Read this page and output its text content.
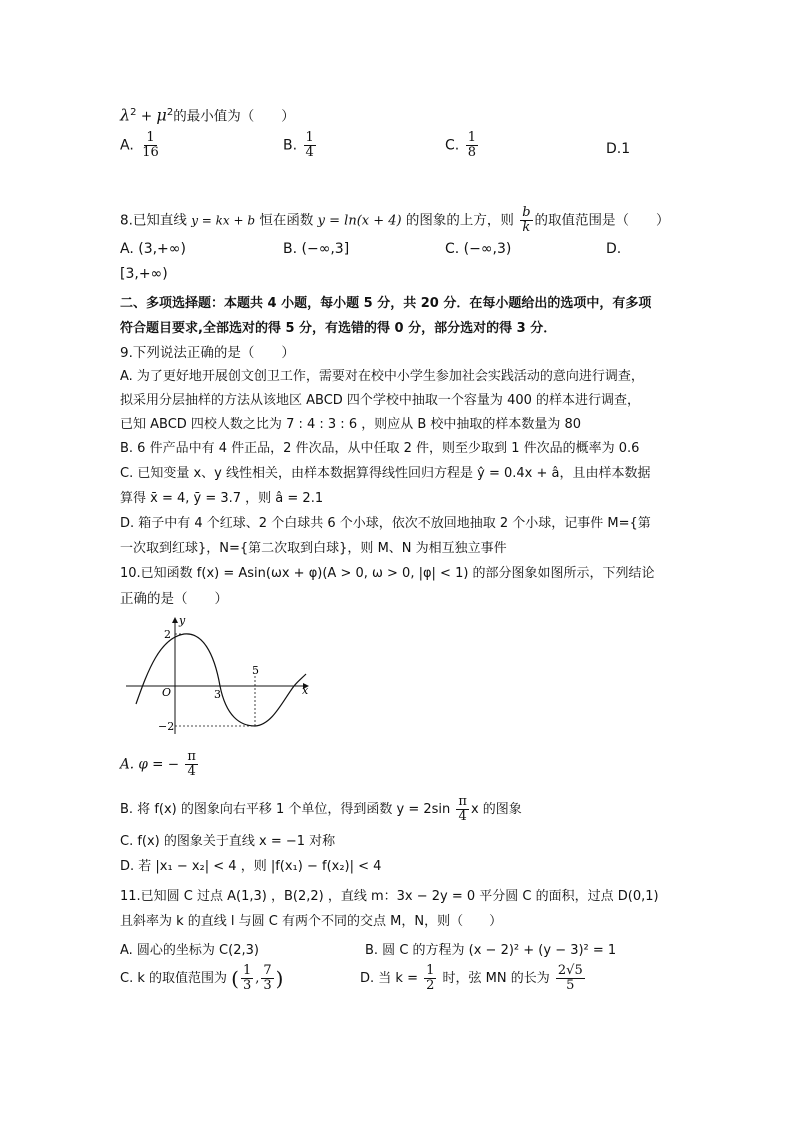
$\lambda^2 + \mu^2$的最小值为（　　）
A. $\frac{1}{16}$	B. $\frac{1}{4}$	C. $\frac{1}{8}$	D.1
8.已知直线 y = kx + b 恒在函数 y = ln(x + 4) 的图象的上方，则 $\frac{b}{k}$ 的取值范围是（　　）
A. (3,+∞)	B. (−∞,3]	C. (−∞,3)	D.
[3,+∞)
二、多项选择题：本题共 4 小题，每小题 5 分，共 20 分．在每小题给出的选项中，有多项
符合题目要求,全部选对的得 5 分，有选错的得 0 分，部分选对的得 3 分．
9.下列说法正确的是（　　）
A. 为了更好地开展创文创卫工作，需要对在校中小学生参加社会实践活动的意向进行调查，
拟采用分层抽样的方法从该地区 ABCD 四个学校中抽取一个容量为 400 的样本进行调查，
已知 ABCD 四校人数之比为 7 : 4 : 3 : 6 ，则应从 B 校中抽取的样本数量为 80
B. 6 件产品中有 4 件正品，2 件次品，从中任取 2 件，则至少取到 1 件次品的概率为 0.6
C. 已知变量 x、y 线性相关，由样本数据算得线性回归方程是 ŷ = 0.4x + â，且由样本数据
算得 x̄ = 4, ȳ = 3.7 ，则 â = 2.1
D. 箱子中有 4 个红球、2 个白球共 6 个小球，依次不放回地抽取 2 个小球，记事件 M={第
一次取到红球}，N={第二次取到白球}，则 M、N 为相互独立事件
10.已知函数 f(x) = Asin(ωx + φ)(A > 0, ω > 0, |φ| < 1) 的部分图象如图所示，下列结论
正确的是（　　）
y
x
O
2
−2
3
5
A. φ = − $\frac{\pi}{4}$
B. 将 f(x) 的图象向右平移 1 个单位，得到函数 $y = 2\sin \frac{\pi}{4}$ x 的图象
C. f(x) 的图象关于直线 x = −1 对称
D. 若 |x₁ − x₂| < 4 ，则 |f(x₁) − f(x₂)| < 4
11.已知圆 C 过点 A(1,3) ，B(2,2) ，直线 m：3x − 2y = 0 平分圆 C 的面积，过点 D(0,1)
且斜率为 k 的直线 l 与圆 C 有两个不同的交点 M，N，则（　　）
A. 圆心的坐标为 C(2,3)	B. 圆 C 的方程为 (x − 2)² + (y − 3)² = 1
C. k 的取值范围为 ( $\frac{1}{3}$ , $\frac{7}{3}$ )	D. 当 $k = \frac{1}{2}$ 时，弦 MN 的长为 $\frac{2√5}{5}$
